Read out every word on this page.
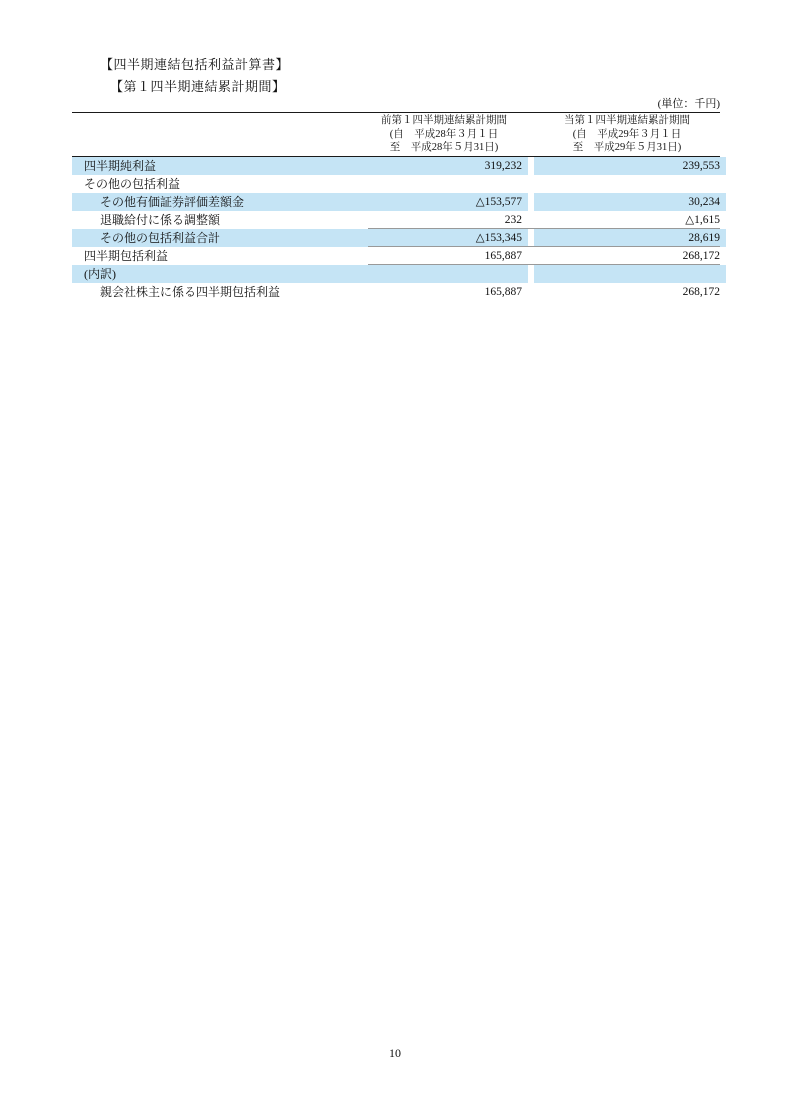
【四半期連結包括利益計算書】
【第１四半期連結累計期間】
(単位：千円)
前第１四半期連結累計期間
(自　平成28年３月１日
至　平成28年５月31日)
当第１四半期連結累計期間
(自　平成29年３月１日
至　平成29年５月31日)
四半期純利益	319,232	239,553
その他の包括利益
その他有価証券評価差額金	△153,577	30,234
退職給付に係る調整額	232	△1,615
その他の包括利益合計	△153,345	28,619
四半期包括利益	165,887	268,172
(内訳)
親会社株主に係る四半期包括利益	165,887	268,172
10
